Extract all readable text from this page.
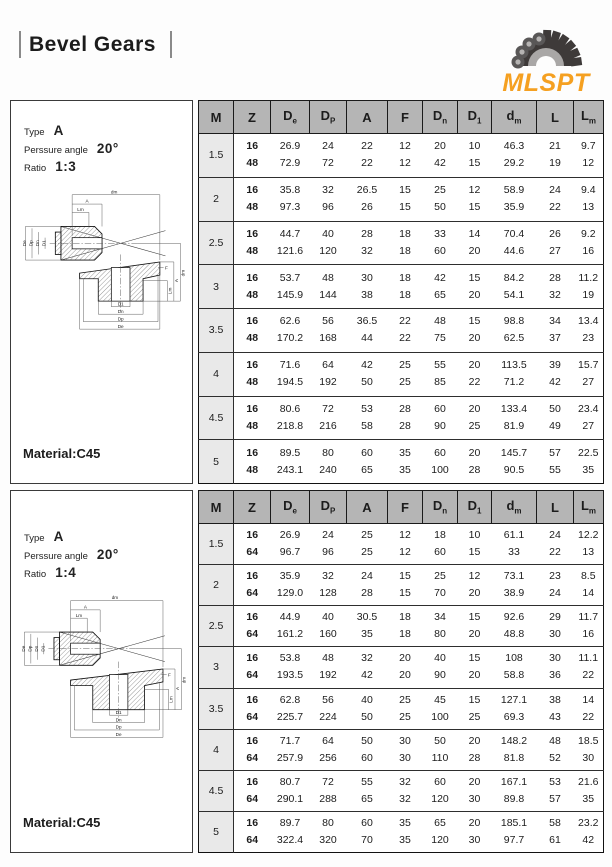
Bevel Gears
MLSPT
Type A
Perssure angle 20°
Ratio 1:3
dm
A
Lm
De Dp Dn D1
D1
Dn
Dp
De
F
Lm
A
dm
Material:C45
M	Z	$D_e$	$D_P$	A	F	$D_n$	$D_1$	$d_m$	L	$L_m$
1.5	
16
48

26.9
72.9

24
72

22
22

12
12

20
42

10
15

46.3
29.2

21
19

9.7
12

2	
16
48

35.8
97.3

32
96

26.5
26

15
15

25
50

12
15

58.9
35.9

24
22

9.4
13

2.5	
16
48

44.7
121.6

40
120

28
32

18
18

33
60

14
20

70.4
44.6

26
27

9.2
16

3	
16
48

53.7
145.9

48
144

30
38

18
18

42
65

15
20

84.2
54.1

28
32

11.2
19

3.5	
16
48

62.6
170.2

56
168

36.5
44

22
22

48
75

15
20

98.8
62.5

34
37

13.4
23

4	
16
48

71.6
194.5

64
192

42
50

25
25

55
85

20
22

113.5
71.2

39
42

15.7
27

4.5	
16
48

80.6
218.8

72
216

53
58

28
28

60
90

20
25

133.4
81.9

50
49

23.4
27

5	
16
48

89.5
243.1

80
240

60
65

35
35

60
100

20
28

145.7
90.5

57
55

22.5
35
Type A
Perssure angle 20°
Ratio 1:4
dm
A
Lm
De Dp Dn D1
D1
Dn
Dp
De
F
Lm
A
dm
Material:C45
M	Z	$D_e$	$D_P$	A	F	$D_n$	$D_1$	$d_m$	L	$L_m$
1.5	
16
64

26.9
96.7

24
96

25
25

12
12

18
60

10
15

61.1
33

24
22

12.2
13

2	
16
64

35.9
129.0

32
128

24
28

15
15

25
70

12
20

73.1
38.9

23
24

8.5
14

2.5	
16
64

44.9
161.2

40
160

30.5
35

18
18

34
80

15
20

92.6
48.8

29
30

11.7
16

3	
16
64

53.8
193.5

48
192

32
42

20
20

40
90

15
20

108
58.8

30
36

11.1
22

3.5	
16
64

62.8
225.7

56
224

40
50

25
25

45
100

15
25

127.1
69.3

38
43

14
22

4	
16
64

71.7
257.9

64
256

50
60

30
30

50
110

20
28

148.2
81.8

48
52

18.5
30

4.5	
16
64

80.7
290.1

72
288

55
65

32
32

60
120

20
30

167.1
89.8

53
57

21.6
35

5	
16
64

89.7
322.4

80
320

60
70

35
35

65
120

20
30

185.1
97.7

58
61

23.2
42
